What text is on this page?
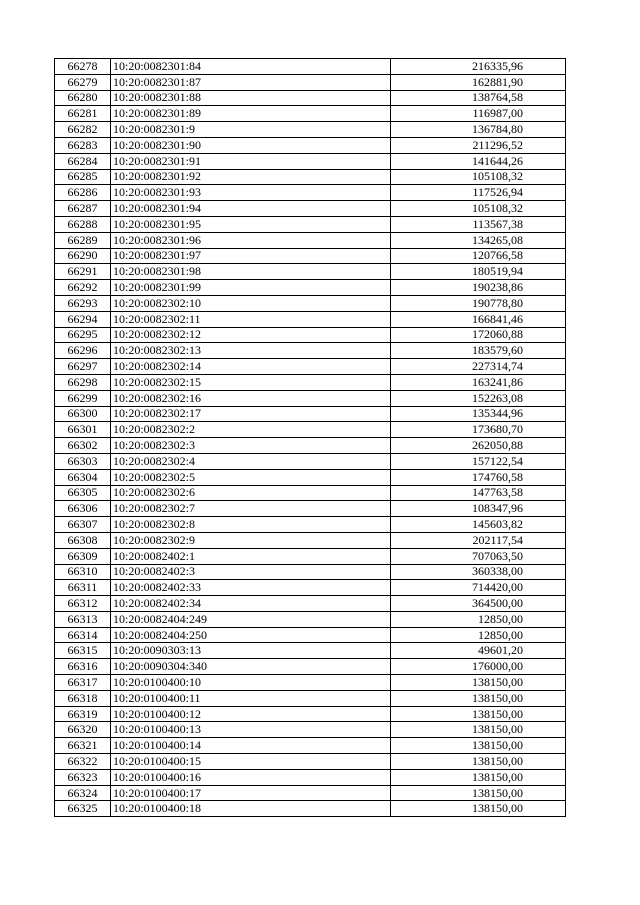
66278	10:20:0082301:84	216335,96
66279	10:20:0082301:87	162881,90
66280	10:20:0082301:88	138764,58
66281	10:20:0082301:89	116987,00
66282	10:20:0082301:9	136784,80
66283	10:20:0082301:90	211296,52
66284	10:20:0082301:91	141644,26
66285	10:20:0082301:92	105108,32
66286	10:20:0082301:93	117526,94
66287	10:20:0082301:94	105108,32
66288	10:20:0082301:95	113567,38
66289	10:20:0082301:96	134265,08
66290	10:20:0082301:97	120766,58
66291	10:20:0082301:98	180519,94
66292	10:20:0082301:99	190238,86
66293	10:20:0082302:10	190778,80
66294	10:20:0082302:11	166841,46
66295	10:20:0082302:12	172060,88
66296	10:20:0082302:13	183579,60
66297	10:20:0082302:14	227314,74
66298	10:20:0082302:15	163241,86
66299	10:20:0082302:16	152263,08
66300	10:20:0082302:17	135344,96
66301	10:20:0082302:2	173680,70
66302	10:20:0082302:3	262050,88
66303	10:20:0082302:4	157122,54
66304	10:20:0082302:5	174760,58
66305	10:20:0082302:6	147763,58
66306	10:20:0082302:7	108347,96
66307	10:20:0082302:8	145603,82
66308	10:20:0082302:9	202117,54
66309	10:20:0082402:1	707063,50
66310	10:20:0082402:3	360338,00
66311	10:20:0082402:33	714420,00
66312	10:20:0082402:34	364500,00
66313	10:20:0082404:249	12850,00
66314	10:20:0082404:250	12850,00
66315	10:20:0090303:13	49601,20
66316	10:20:0090304:340	176000,00
66317	10:20:0100400:10	138150,00
66318	10:20:0100400:11	138150,00
66319	10:20:0100400:12	138150,00
66320	10:20:0100400:13	138150,00
66321	10:20:0100400:14	138150,00
66322	10:20:0100400:15	138150,00
66323	10:20:0100400:16	138150,00
66324	10:20:0100400:17	138150,00
66325	10:20:0100400:18	138150,00
